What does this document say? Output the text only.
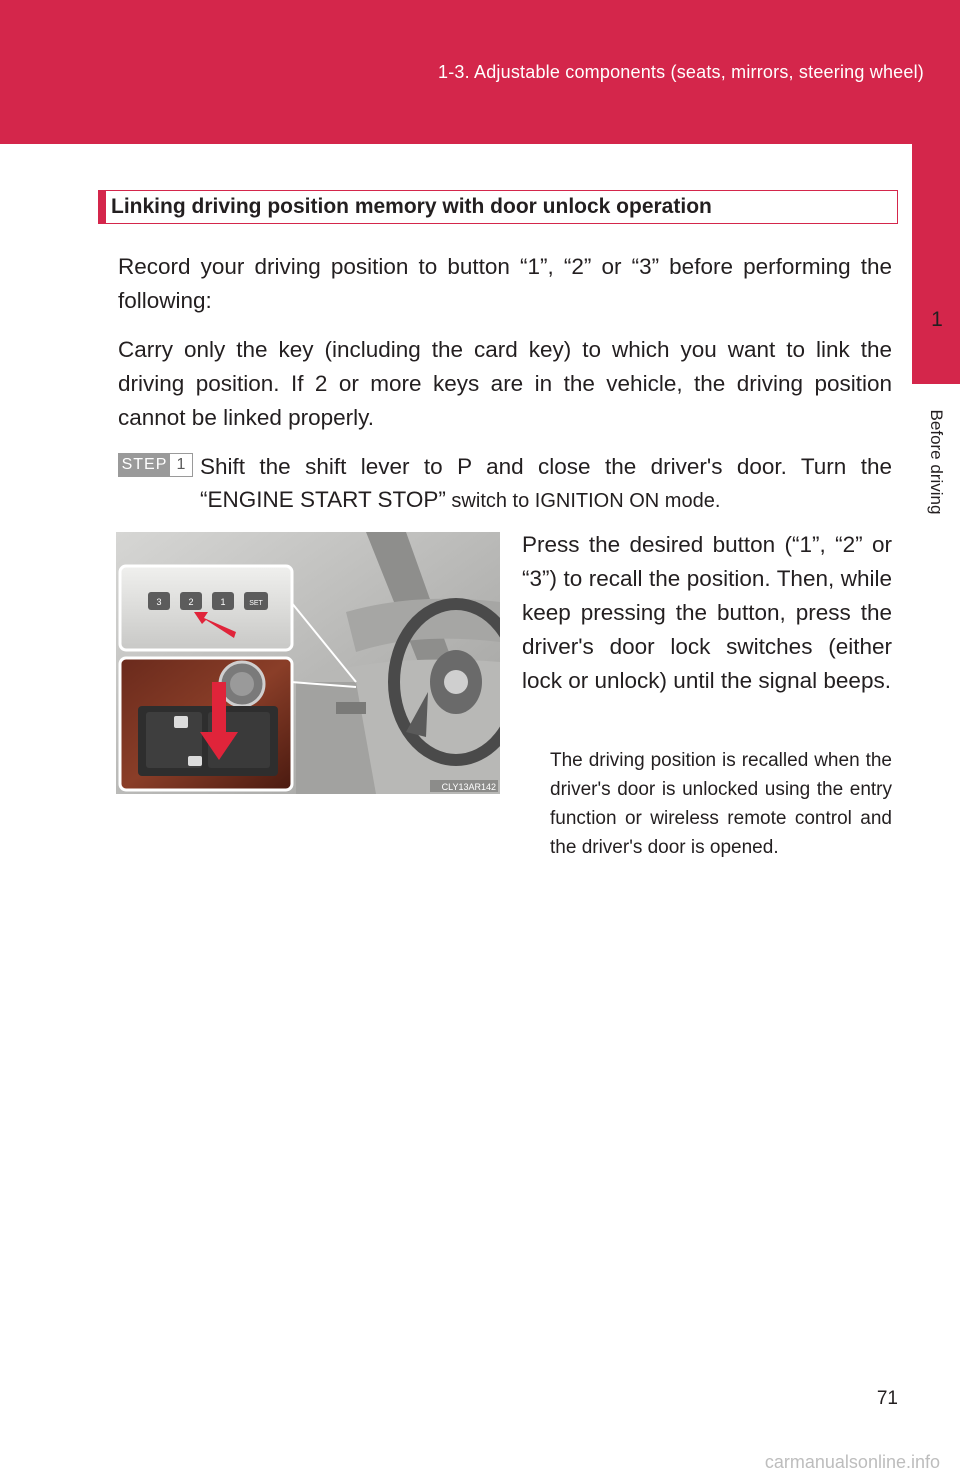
1-3. Adjustable components (seats, mirrors, steering wheel)
1
Before driving
Linking driving position memory with door unlock operation

Record your driving position to button “1”, “2” or “3” before performing the following:

Carry only the key (including the card key) to which you want to link the driving position. If 2 or more keys are in the vehicle, the driving position cannot be linked properly.

STEP 1 Shift the shift lever to P and close the driver's door. Turn the “ENGINE START STOP” switch to IGNITION ON mode.
3	2	1	SET
CLY13AR142
Press the desired button (“1”, “2” or “3”) to recall the position. Then, while keep pressing the button, press the driver's door lock switches (either lock or unlock) until the signal beeps.
The driving position is recalled when the driver's door is unlocked using the entry function or wireless remote control and the driver's door is opened.
71
carmanualsonline.info
